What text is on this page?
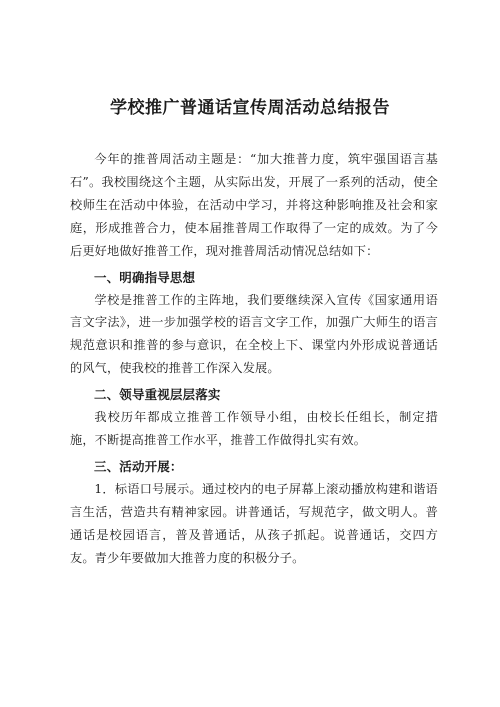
学校推广普通话宣传周活动总结报告

今年的推普周活动主题是：“加大推普力度，筑牢强国语言基石”。我校围绕这个主题，从实际出发，开展了一系列的活动，使全校师生在活动中体验，在活动中学习，并将这种影响推及社会和家庭，形成推普合力，使本届推普周工作取得了一定的成效。为了今后更好地做好推普工作，现对推普周活动情况总结如下：

一、明确指导思想

学校是推普工作的主阵地，我们要继续深入宣传《国家通用语言文字法》，进一步加强学校的语言文字工作，加强广大师生的语言规范意识和推普的参与意识，在全校上下、课堂内外形成说普通话的风气，使我校的推普工作深入发展。

二、领导重视层层落实

我校历年都成立推普工作领导小组，由校长任组长，制定措施，不断提高推普工作水平，推普工作做得扎实有效。

三、活动开展：

1．标语口号展示。通过校内的电子屏幕上滚动播放构建和谐语言生活，营造共有精神家园。讲普通话，写规范字，做文明人。普通话是校园语言，普及普通话，从孩子抓起。说普通话，交四方友。青少年要做加大推普力度的积极分子。
